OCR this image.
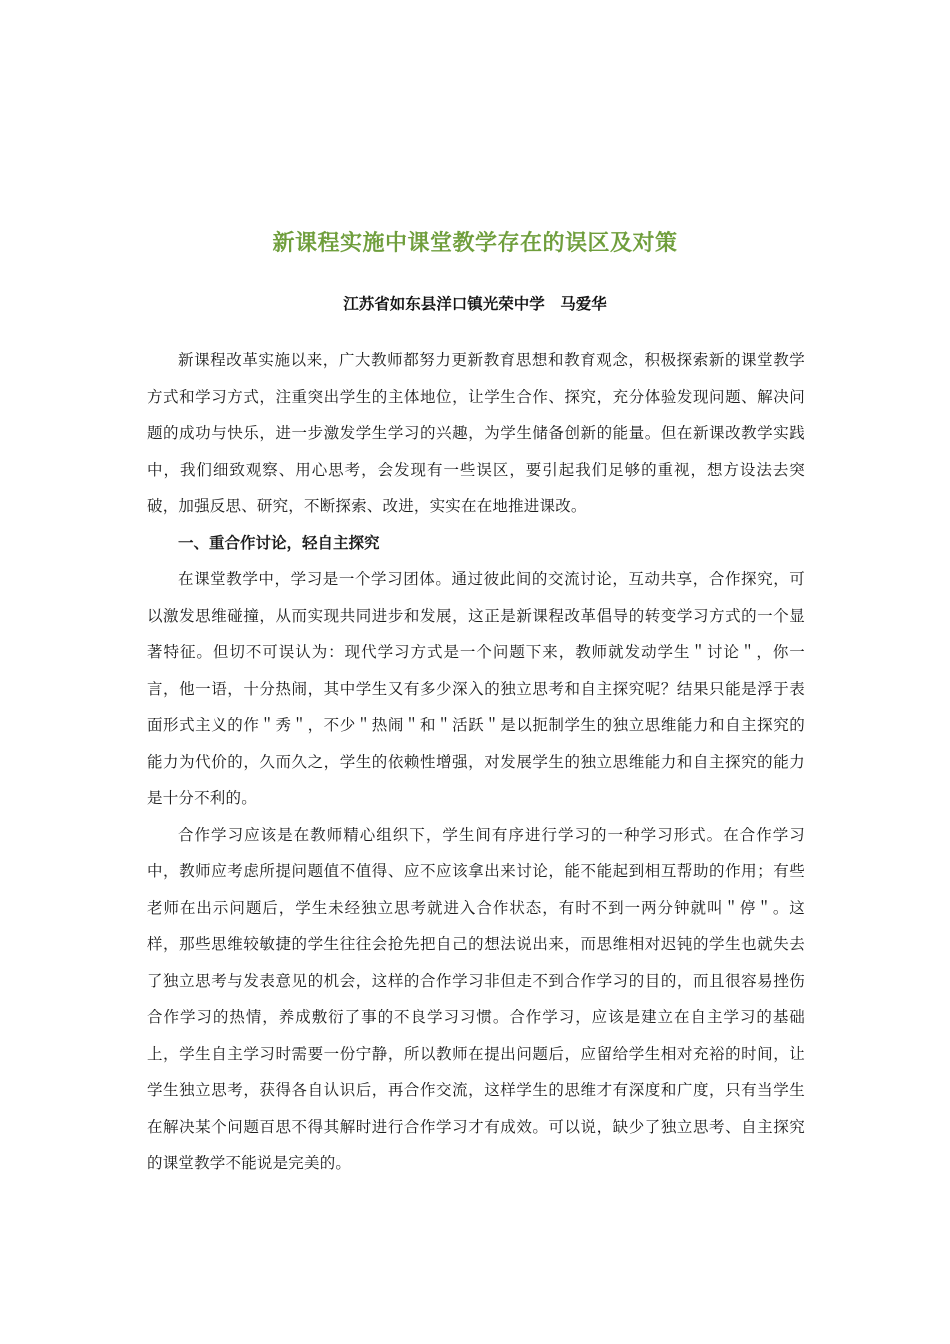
新课程实施中课堂教学存在的误区及对策

江苏省如东县洋口镇光荣中学　马爱华

新课程改革实施以来，广大教师都努力更新教育思想和教育观念，积极探索新的课堂教学方式和学习方式，注重突出学生的主体地位，让学生合作、探究，充分体验发现问题、解决问题的成功与快乐，进一步激发学生学习的兴趣，为学生储备创新的能量。但在新课改教学实践中，我们细致观察、用心思考，会发现有一些误区，要引起我们足够的重视，想方设法去突破，加强反思、研究，不断探索、改进，实实在在地推进课改。

一、重合作讨论，轻自主探究

在课堂教学中，学习是一个学习团体。通过彼此间的交流讨论，互动共享，合作探究，可以激发思维碰撞，从而实现共同进步和发展，这正是新课程改革倡导的转变学习方式的一个显著特征。但切不可误认为：现代学习方式是一个问题下来，教师就发动学生＂讨论＂，你一言，他一语，十分热闹，其中学生又有多少深入的独立思考和自主探究呢？结果只能是浮于表面形式主义的作＂秀＂，不少＂热闹＂和＂活跃＂是以扼制学生的独立思维能力和自主探究的能力为代价的，久而久之，学生的依赖性增强，对发展学生的独立思维能力和自主探究的能力是十分不利的。

合作学习应该是在教师精心组织下，学生间有序进行学习的一种学习形式。在合作学习中，教师应考虑所提问题值不值得、应不应该拿出来讨论，能不能起到相互帮助的作用；有些老师在出示问题后，学生未经独立思考就进入合作状态，有时不到一两分钟就叫＂停＂。这样，那些思维较敏捷的学生往往会抢先把自己的想法说出来，而思维相对迟钝的学生也就失去了独立思考与发表意见的机会，这样的合作学习非但走不到合作学习的目的，而且很容易挫伤合作学习的热情，养成敷衍了事的不良学习习惯。合作学习，应该是建立在自主学习的基础上，学生自主学习时需要一份宁静，所以教师在提出问题后，应留给学生相对充裕的时间，让学生独立思考，获得各自认识后，再合作交流，这样学生的思维才有深度和广度，只有当学生在解决某个问题百思不得其解时进行合作学习才有成效。可以说，缺少了独立思考、自主探究的课堂教学不能说是完美的。
